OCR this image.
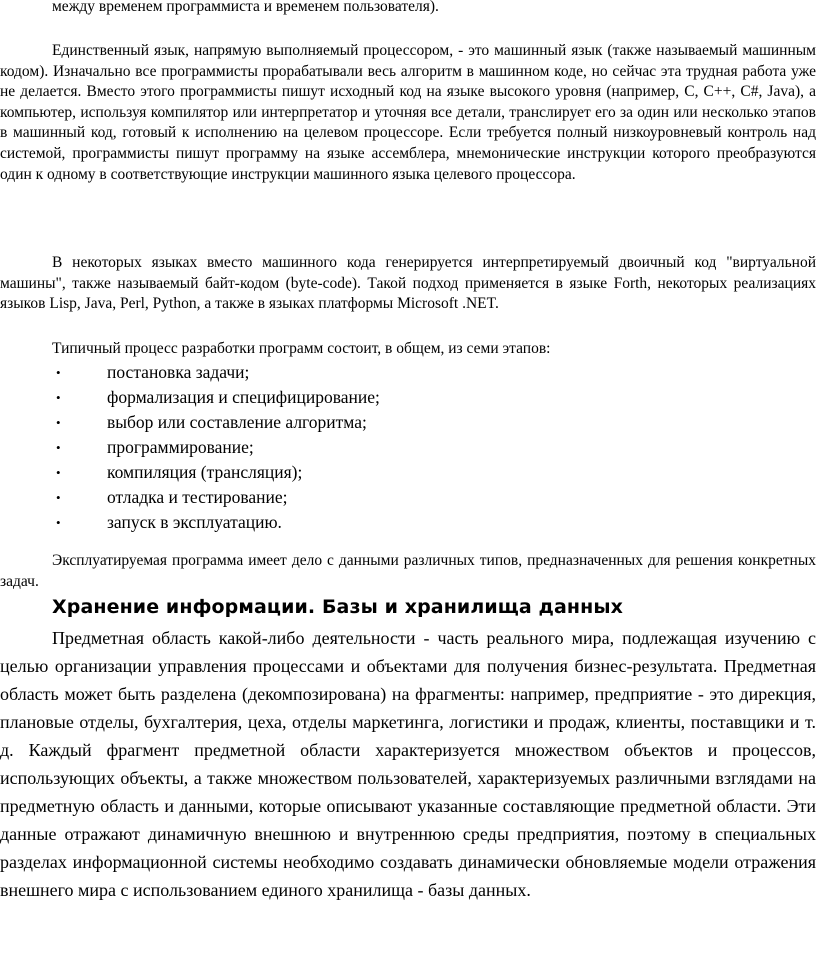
между временем программиста и временем пользователя).

Единственный язык, напрямую выполняемый процессором, - это машинный язык (также называемый машинным кодом). Изначально все программисты прорабатывали весь алгоритм в машинном коде, но сейчас эта трудная работа уже не делается. Вместо этого программисты пишут исходный код на языке высокого уровня (например, C, C++, C#, Java), а компьютер, используя компилятор или интерпретатор и уточняя все детали, транслирует его за один или несколько этапов в машинный код, готовый к исполнению на целевом процессоре. Если требуется полный низкоуровневый контроль над системой, программисты пишут программу на языке ассемблера, мнемонические инструкции которого преобразуются один к одному в соответствующие инструкции машинного языка целевого процессора.

В некоторых языках вместо машинного кода генерируется интерпретируемый двоичный код "виртуальной машины", также называемый байт-кодом (byte-code). Такой подход применяется в языке Forth, некоторых реализациях языков Lisp, Java, Perl, Python, а также в языках платформы Microsoft .NET.

Типичный процесс разработки программ состоит, в общем, из семи этапов:

•	постановка задачи;
•	формализация и специфицирование;
•	выбор или составление алгоритма;
•	программирование;
•	компиляция (трансляция);
•	отладка и тестирование;
•	запуск в эксплуатацию.

Эксплуатируемая программа имеет дело с данными различных типов, предназначенных для решения конкретных задач.

Хранение информации. Базы и хранилища данных

Предметная область какой-либо деятельности - часть реального мира, подлежащая изучению с целью организации управления процессами и объектами для получения бизнес-результата. Предметная область может быть разделена (декомпозирована) на фрагменты: например, предприятие - это дирекция, плановые отделы, бухгалтерия, цеха, отделы маркетинга, логистики и продаж, клиенты, поставщики и т. д. Каждый фрагмент предметной области характеризуется множеством объектов и процессов, использующих объекты, а также множеством пользователей, характеризуемых различными взглядами на предметную область и данными, которые описывают указанные составляющие предметной области. Эти данные отражают динамичную внешнюю и внутреннюю среды предприятия, поэтому в специальных разделах информационной системы необходимо создавать динамически обновляемые модели отражения внешнего мира с использованием единого хранилища - базы данных.
